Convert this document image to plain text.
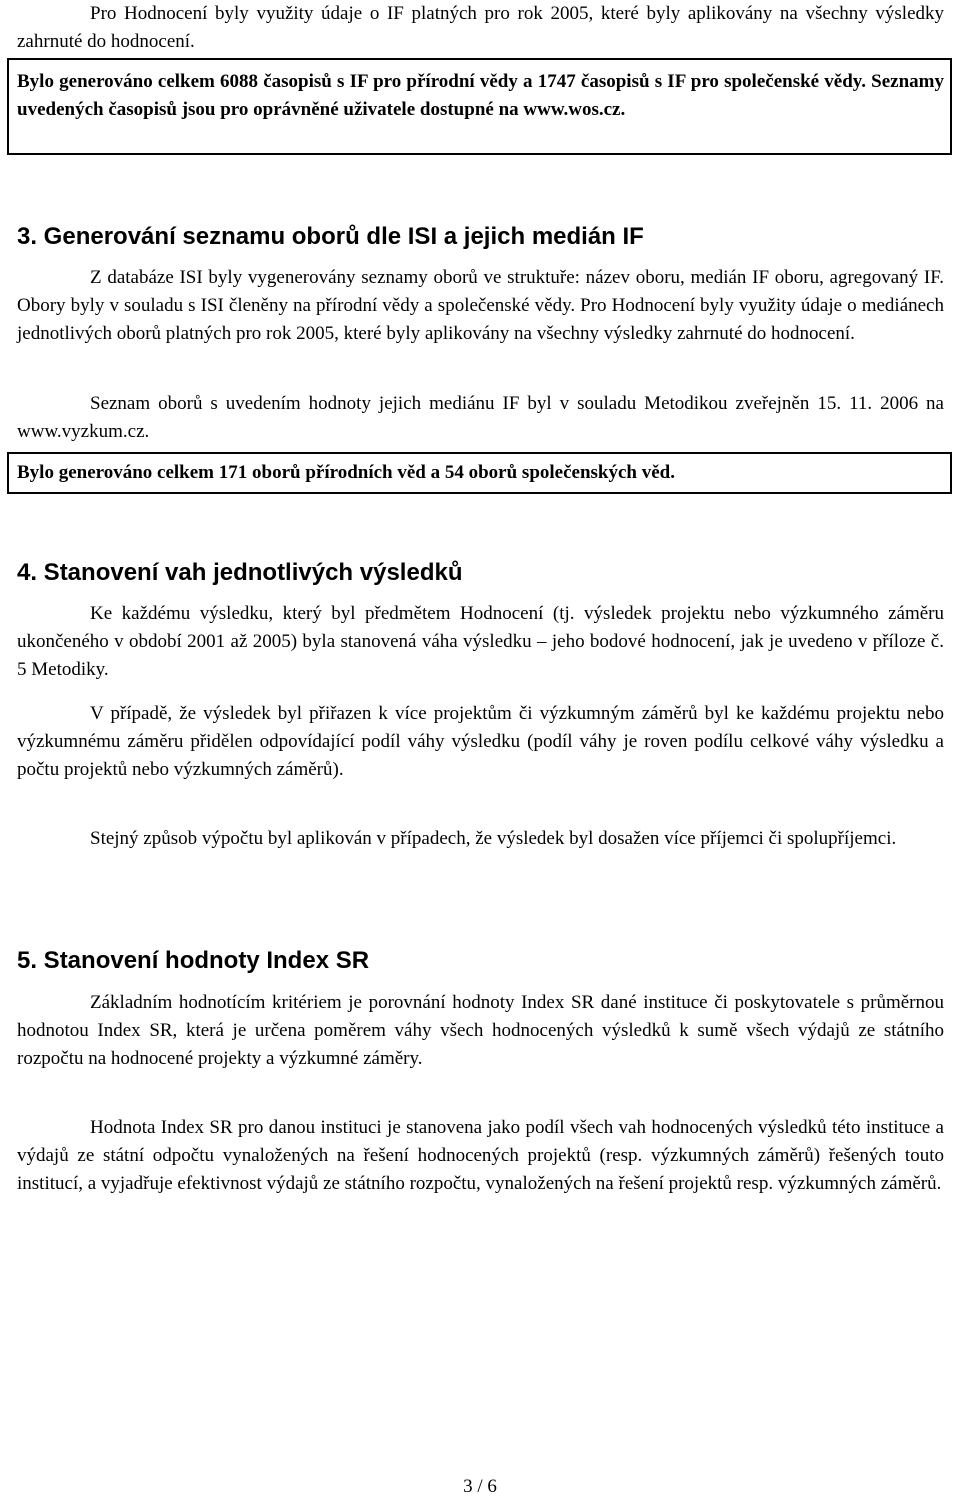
Pro Hodnocení byly využity údaje o IF platných pro rok 2005, které byly aplikovány na všechny výsledky zahrnuté do hodnocení.

Bylo generováno celkem 6088 časopisů s IF pro přírodní vědy a 1747 časopisů s IF pro společenské vědy. Seznamy uvedených časopisů jsou pro oprávněné uživatele dostupné na www.wos.cz.

3. Generování seznamu oborů dle ISI a jejich medián IF

Z databáze ISI byly vygenerovány seznamy oborů ve struktuře: název oboru, medián IF oboru, agregovaný IF. Obory byly v souladu s ISI členěny na přírodní vědy a společenské vědy. Pro Hodnocení byly využity údaje o mediánech jednotlivých oborů platných pro rok 2005, které byly aplikovány na všechny výsledky zahrnuté do hodnocení.

Seznam oborů s uvedením hodnoty jejich mediánu IF byl v souladu Metodikou zveřejněn 15. 11. 2006 na www.vyzkum.cz.

Bylo generováno celkem 171 oborů přírodních věd a 54 oborů společenských věd.

4. Stanovení vah jednotlivých výsledků

Ke každému výsledku, který byl předmětem Hodnocení (tj. výsledek projektu nebo výzkumného záměru ukončeného v období 2001 až 2005) byla stanovená váha výsledku – jeho bodové hodnocení, jak je uvedeno v příloze č. 5 Metodiky.

V případě, že výsledek byl přiřazen k více projektům či výzkumným záměrů byl ke každému projektu nebo výzkumnému záměru přidělen odpovídající podíl váhy výsledku (podíl váhy je roven podílu celkové váhy výsledku a počtu projektů nebo výzkumných záměrů).

Stejný způsob výpočtu byl aplikován v případech, že výsledek byl dosažen více příjemci či spolupříjemci.

5. Stanovení hodnoty Index SR

Základním hodnotícím kritériem je porovnání hodnoty Index SR dané instituce či poskytovatele s průměrnou hodnotou Index SR, která je určena poměrem váhy všech hodnocených výsledků k sumě všech výdajů ze státního rozpočtu na hodnocené projekty a výzkumné záměry.

Hodnota Index SR pro danou instituci je stanovena jako podíl všech vah hodnocených výsledků této instituce a výdajů ze státní odpočtu vynaložených na řešení hodnocených projektů (resp. výzkumných záměrů) řešených touto institucí, a vyjadřuje efektivnost výdajů ze státního rozpočtu, vynaložených na řešení projektů resp. výzkumných záměrů.

3 / 6
